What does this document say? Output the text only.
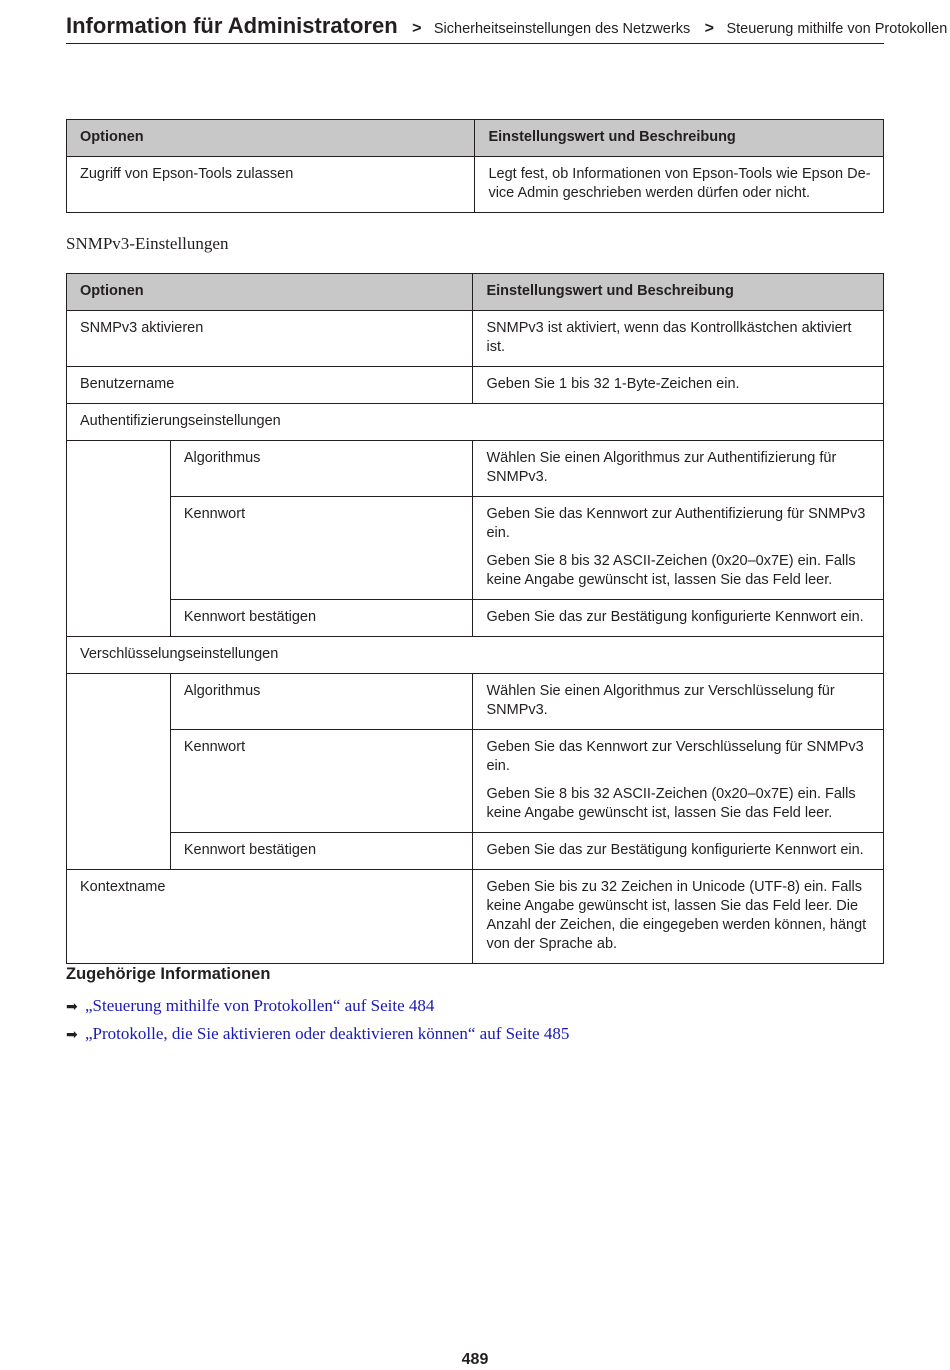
Information für Administratoren > Sicherheitseinstellungen des Netzwerks > Steuerung mithilfe von Protokollen
Optionen	Einstellungswert und Beschreibung
Zugriff von Epson-Tools zulassen	Legt fest, ob Informationen von Epson-Tools wie Epson Device Admin geschrieben werden dürfen oder nicht.
SNMPv3-Einstellungen
Optionen		Einstellungswert und Beschreibung
SNMPv3 aktivieren		SNMPv3 ist aktiviert, wenn das Kontrollkästchen aktiviert ist.
Benutzername		Geben Sie 1 bis 32 1-Byte-Zeichen ein.
Authentifizierungseinstellungen		
	Algorithmus	Wählen Sie einen Algorithmus zur Authentifizierung für SNMPv3.
	Kennwort	Geben Sie das Kennwort zur Authentifizierung für SNMPv3 ein.

Geben Sie 8 bis 32 ASCII-Zeichen (0x20–0x7E) ein. Falls keine Angabe gewünscht ist, lassen Sie das Feld leer.

	Kennwort bestätigen	Geben Sie das zur Bestätigung konfigurierte Kennwort ein.
Verschlüsselungseinstellungen		
	Algorithmus	Wählen Sie einen Algorithmus zur Verschlüsselung für SNMPv3.
	Kennwort	Geben Sie das Kennwort zur Verschlüsselung für SNMPv3 ein.

Geben Sie 8 bis 32 ASCII-Zeichen (0x20–0x7E) ein. Falls keine Angabe gewünscht ist, lassen Sie das Feld leer.

	Kennwort bestätigen	Geben Sie das zur Bestätigung konfigurierte Kennwort ein.
Kontextname		Geben Sie bis zu 32 Zeichen in Unicode (UTF-8) ein. Falls keine Angabe gewünscht ist, lassen Sie das Feld leer. Die Anzahl der Zeichen, die eingegeben werden können, hängt von der Sprache ab.
Zugehörige Informationen
➡ „Steuerung mithilfe von Protokollen“ auf Seite 484
➡ „Protokolle, die Sie aktivieren oder deaktivieren können“ auf Seite 485
489
